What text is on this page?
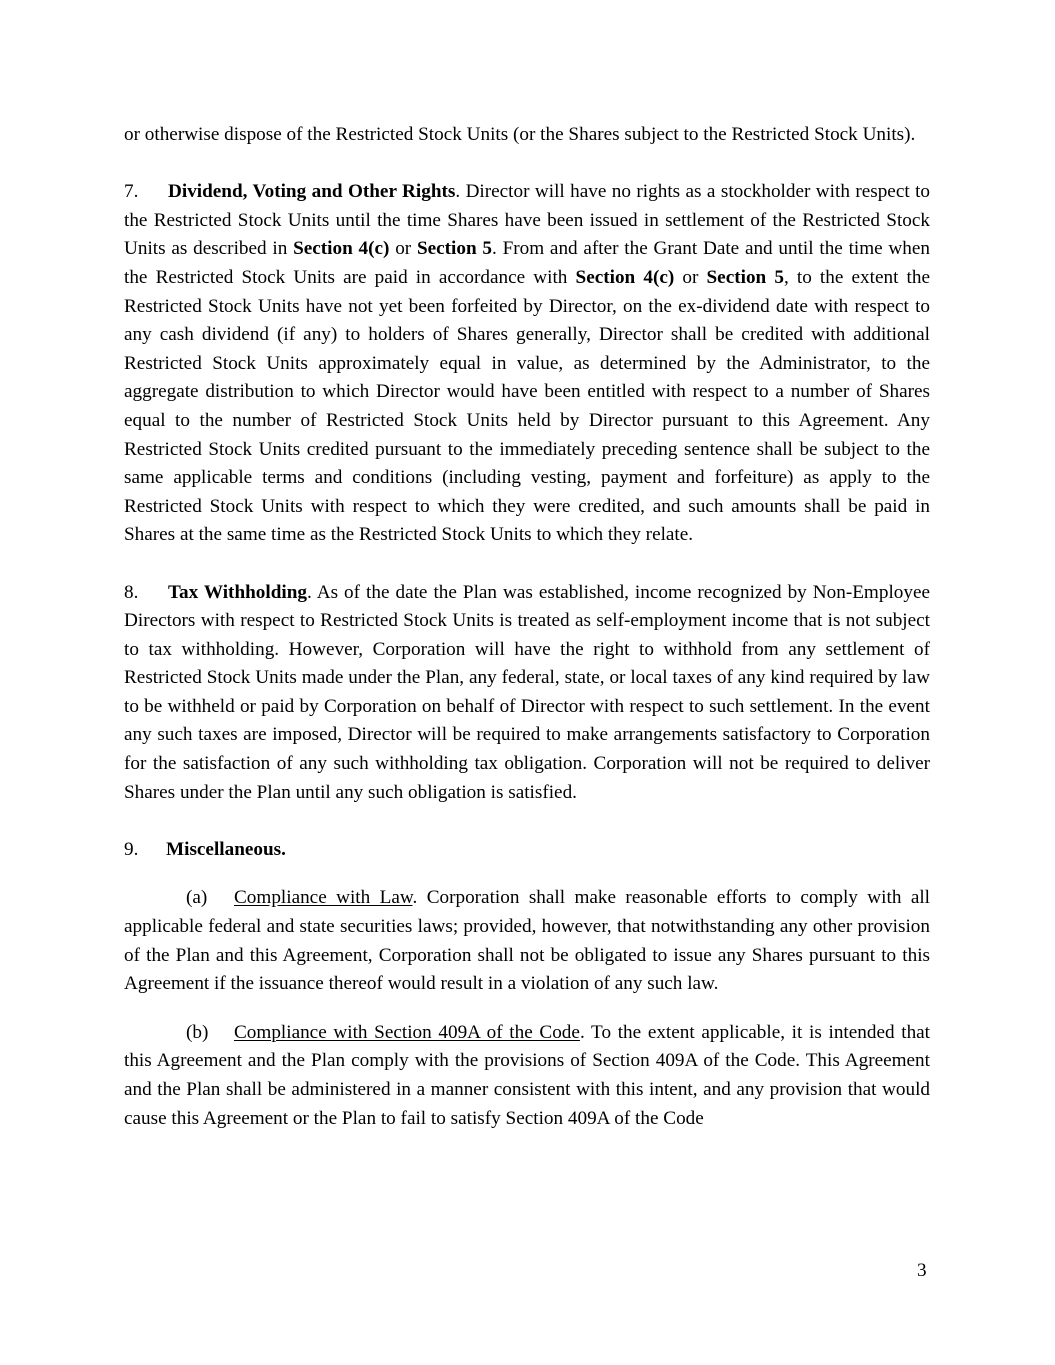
or otherwise dispose of the Restricted Stock Units (or the Shares subject to the Restricted Stock Units).

7. Dividend, Voting and Other Rights. Director will have no rights as a stockholder with respect to the Restricted Stock Units until the time Shares have been issued in settlement of the Restricted Stock Units as described in Section 4(c) or Section 5. From and after the Grant Date and until the time when the Restricted Stock Units are paid in accordance with Section 4(c) or Section 5, to the extent the Restricted Stock Units have not yet been forfeited by Director, on the ex-dividend date with respect to any cash dividend (if any) to holders of Shares generally, Director shall be credited with additional Restricted Stock Units approximately equal in value, as determined by the Administrator, to the aggregate distribution to which Director would have been entitled with respect to a number of Shares equal to the number of Restricted Stock Units held by Director pursuant to this Agreement. Any Restricted Stock Units credited pursuant to the immediately preceding sentence shall be subject to the same applicable terms and conditions (including vesting, payment and forfeiture) as apply to the Restricted Stock Units with respect to which they were credited, and such amounts shall be paid in Shares at the same time as the Restricted Stock Units to which they relate.

8. Tax Withholding. As of the date the Plan was established, income recognized by Non-Employee Directors with respect to Restricted Stock Units is treated as self-employment income that is not subject to tax withholding. However, Corporation will have the right to withhold from any settlement of Restricted Stock Units made under the Plan, any federal, state, or local taxes of any kind required by law to be withheld or paid by Corporation on behalf of Director with respect to such settlement. In the event any such taxes are imposed, Director will be required to make arrangements satisfactory to Corporation for the satisfaction of any such withholding tax obligation. Corporation will not be required to deliver Shares under the Plan until any such obligation is satisfied.

9. Miscellaneous.

(a) Compliance with Law. Corporation shall make reasonable efforts to comply with all applicable federal and state securities laws; provided, however, that notwithstanding any other provision of the Plan and this Agreement, Corporation shall not be obligated to issue any Shares pursuant to this Agreement if the issuance thereof would result in a violation of any such law.

(b) Compliance with Section 409A of the Code. To the extent applicable, it is intended that this Agreement and the Plan comply with the provisions of Section 409A of the Code. This Agreement and the Plan shall be administered in a manner consistent with this intent, and any provision that would cause this Agreement or the Plan to fail to satisfy Section 409A of the Code

3
